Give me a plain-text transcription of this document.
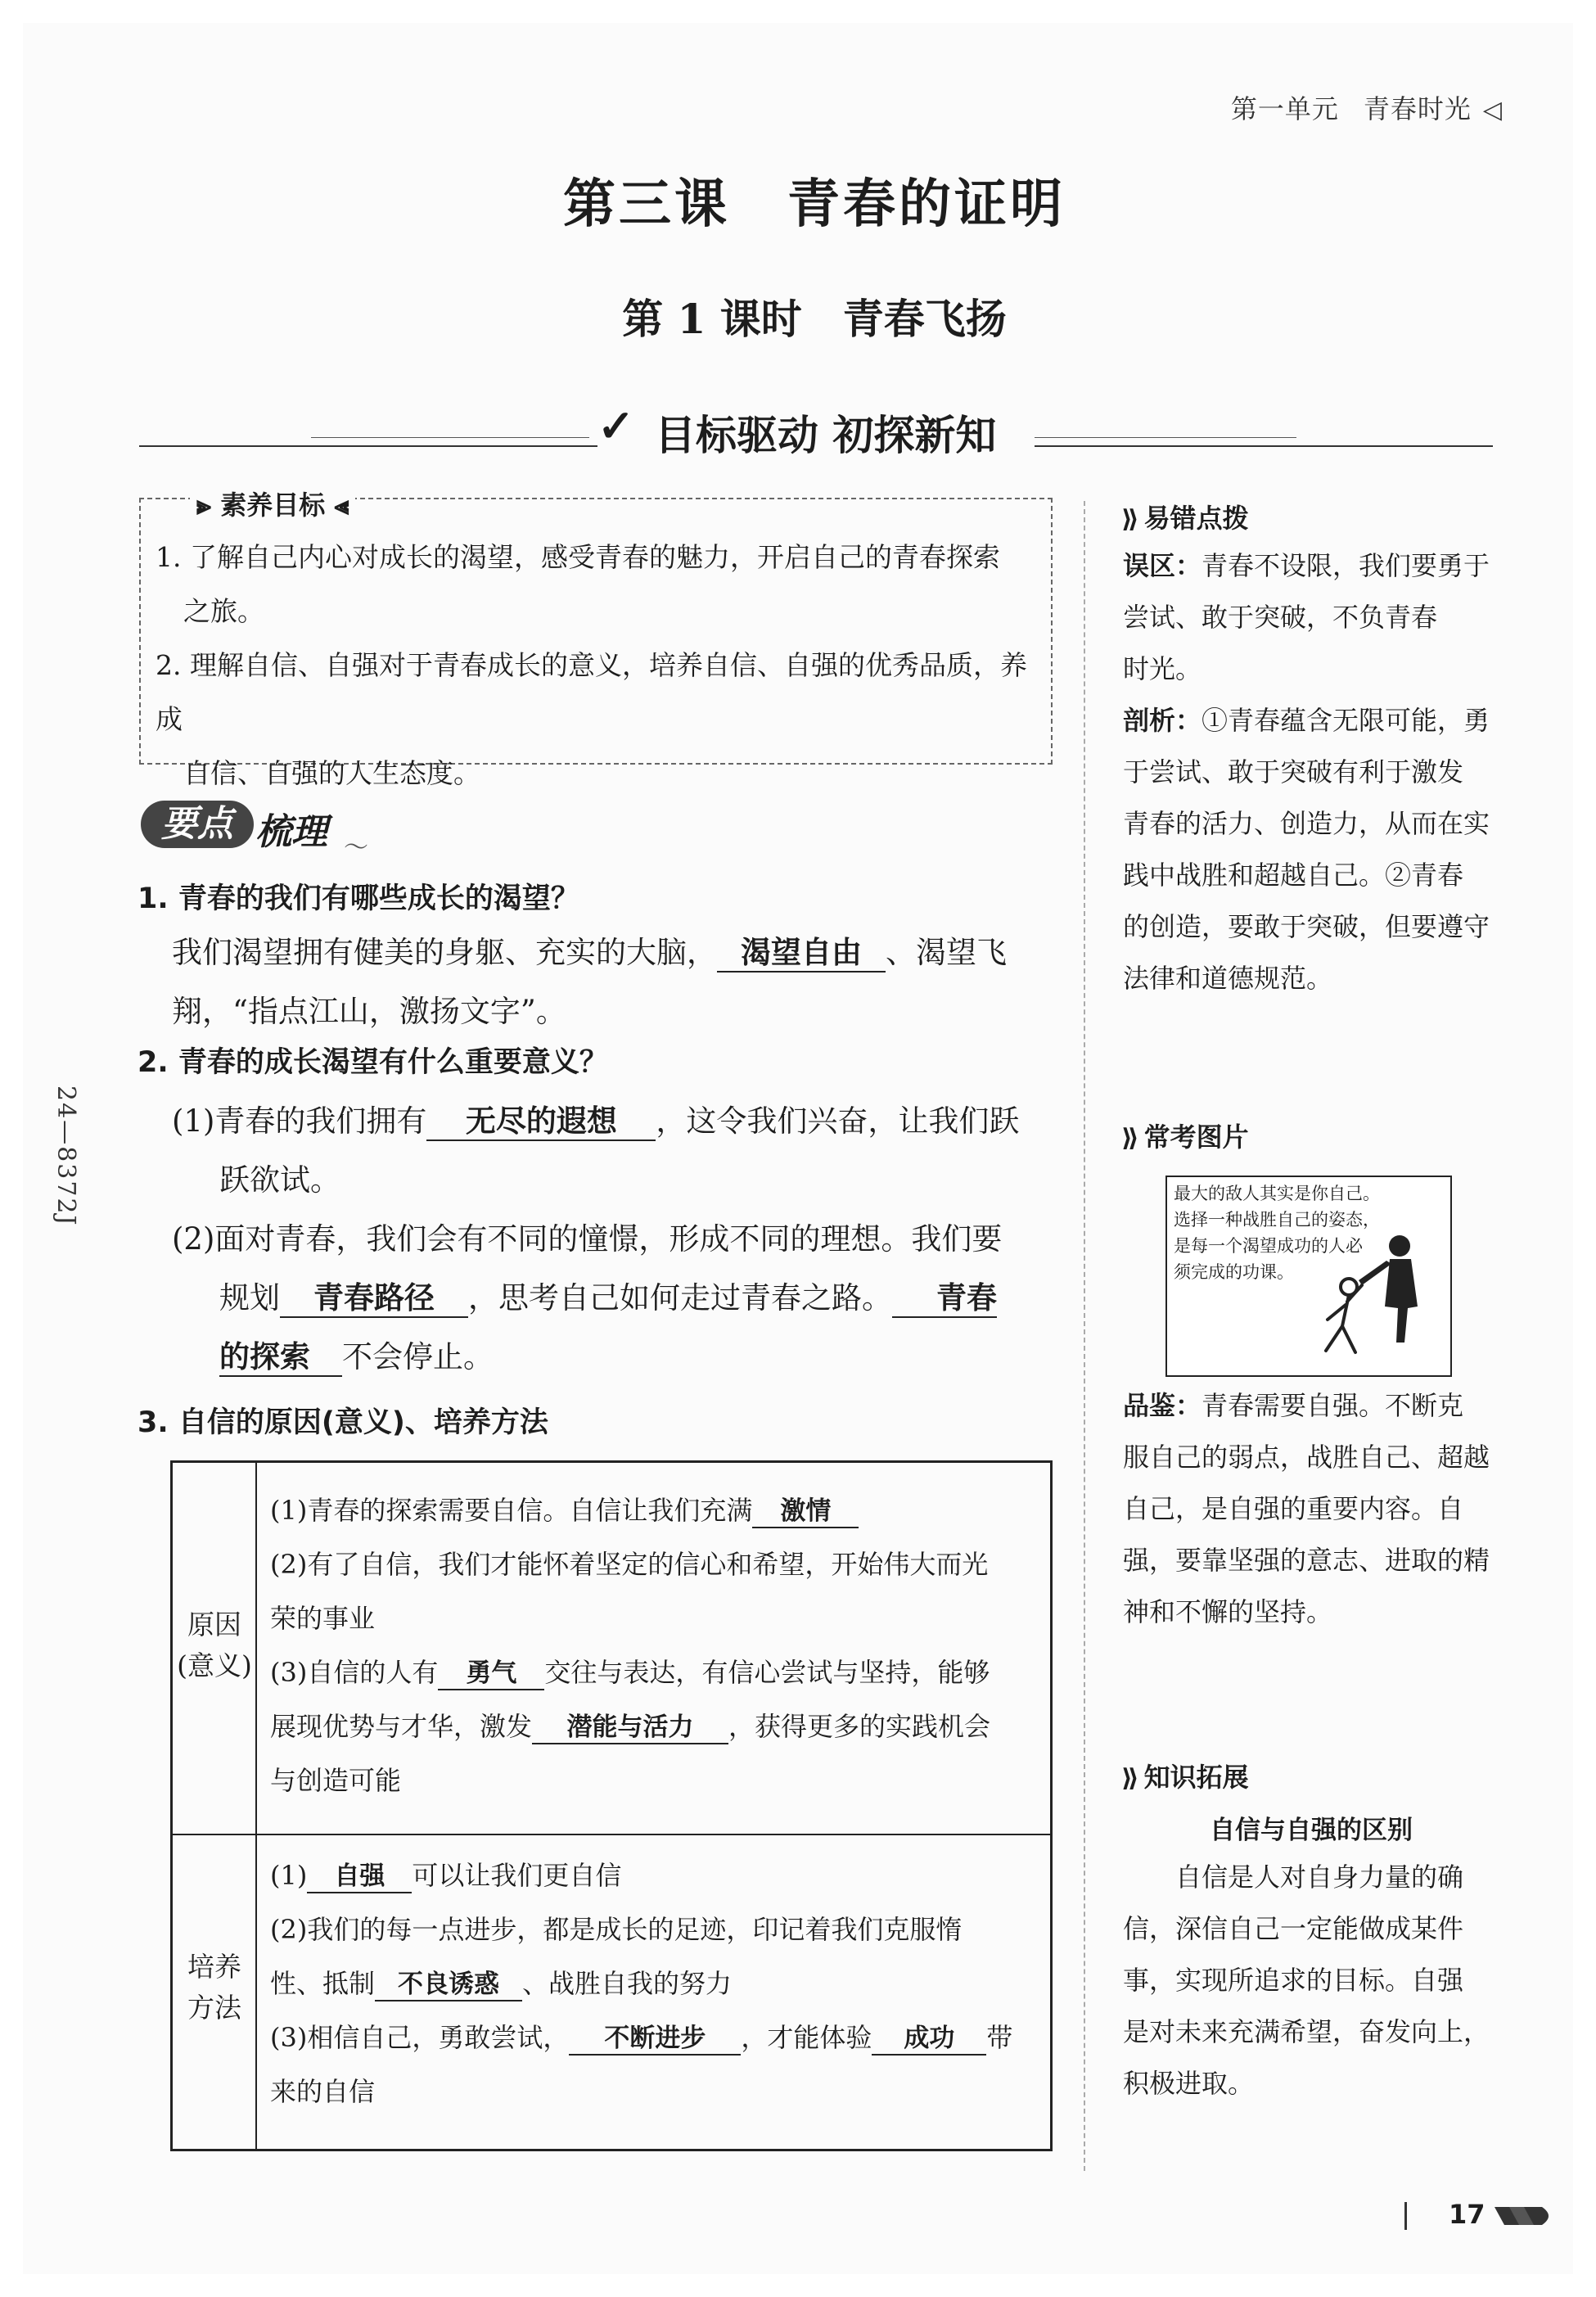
第一单元 青春时光 ◁
第三课 青春的证明
第 1 课时 青春飞扬
✓ 目标驱动 初探新知
⫸ 素养目标 ⫷
1. 了解自己内心对成长的渴望，感受青春的魅力，开启自己的青春探索
之旅。
2. 理解自信、自强对于青春成长的意义，培养自信、自强的优秀品质，养成
自信、自强的人生态度。
要点 梳理 〜
1. 青春的我们有哪些成长的渴望？
我们渴望拥有健美的身躯、充实的大脑， 渴望自由 、渴望飞
翔，“指点江山，激扬文字”。
2. 青春的成长渴望有什么重要意义？
(1)青春的我们拥有 无尽的遐想 ，这令我们兴奋，让我们跃
跃欲试。
(2)面对青春，我们会有不同的憧憬，形成不同的理想。我们要
规划 青春路径 ，思考自己如何走过青春之路。 青春
的探索 不会停止。
3. 自信的原因(意义)、培养方法
原因
(意义)
培养
方法
(1)青春的探索需要自信。自信让我们充满 激情
(2)有了自信，我们才能怀着坚定的信心和希望，开始伟大而光
荣的事业
(3)自信的人有 勇气 交往与表达，有信心尝试与坚持，能够
展现优势与才华，激发 潜能与活力 ，获得更多的实践机会
与创造可能
(1) 自强 可以让我们更自信
(2)我们的每一点进步，都是成长的足迹，印记着我们克服惰
性、抵制 不良诱惑 、战胜自我的努力
(3)相信自己，勇敢尝试， 不断进步 ，才能体验 成功 带
来的自信
⟫ 易错点拨
误区：青春不设限，我们要勇于
尝试、敢于突破，不负青春
时光。
剖析：①青春蕴含无限可能，勇
于尝试、敢于突破有利于激发
青春的活力、创造力，从而在实
践中战胜和超越自己。②青春
的创造，要敢于突破，但要遵守
法律和道德规范。
⟫ 常考图片
最大的敌人其实是你自己。
选择一种战胜自己的姿态，
是每一个渴望成功的人必
须完成的功课。
品鉴：青春需要自强。不断克
服自己的弱点，战胜自己、超越
自己，是自强的重要内容。自
强，要靠坚强的意志、进取的精
神和不懈的坚持。
⟫ 知识拓展
自信与自强的区别
自信是人对自身力量的确
信，深信自己一定能做成某件
事，实现所追求的目标。自强
是对未来充满希望，奋发向上，
积极进取。
24—8372J
17
